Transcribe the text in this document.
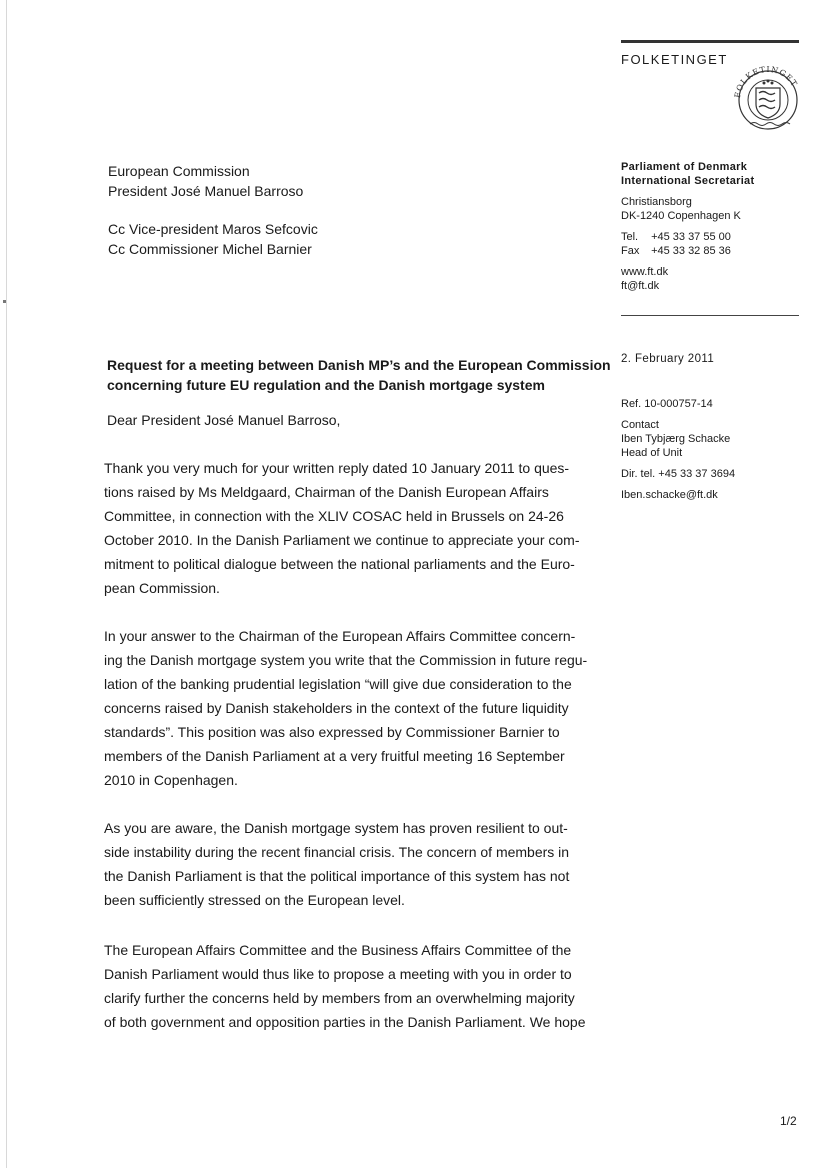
FOLKETINGET
FOLKETINGET
European Commission
President José Manuel Barroso
Cc Vice-president Maros Sefcovic
Cc Commissioner Michel Barnier
Parliament of Denmark
International Secretariat
Christiansborg
DK-1240 Copenhagen K
Tel. +45 33 37 55 00
Fax +45 33 32 85 36
www.ft.dk
ft@ft.dk
2. February 2011
Ref. 10-000757-14
Contact
Iben Tybjærg Schacke
Head of Unit
Dir. tel. +45 33 37 3694
Iben.schacke@ft.dk
Request for a meeting between Danish MP’s and the European Commission
concerning future EU regulation and the Danish mortgage system
Dear President José Manuel Barroso,
Thank you very much for your written reply dated 10 January 2011 to ques-
tions raised by Ms Meldgaard, Chairman of the Danish European Affairs
Committee, in connection with the XLIV COSAC held in Brussels on 24-26
October 2010. In the Danish Parliament we continue to appreciate your com-
mitment to political dialogue between the national parliaments and the Euro-
pean Commission.
In your answer to the Chairman of the European Affairs Committee concern-
ing the Danish mortgage system you write that the Commission in future regu-
lation of the banking prudential legislation “will give due consideration to the
concerns raised by Danish stakeholders in the context of the future liquidity
standards”. This position was also expressed by Commissioner Barnier to
members of the Danish Parliament at a very fruitful meeting 16 September
2010 in Copenhagen.
As you are aware, the Danish mortgage system has proven resilient to out-
side instability during the recent financial crisis. The concern of members in
the Danish Parliament is that the political importance of this system has not
been sufficiently stressed on the European level.
The European Affairs Committee and the Business Affairs Committee of the
Danish Parliament would thus like to propose a meeting with you in order to
clarify further the concerns held by members from an overwhelming majority
of both government and opposition parties in the Danish Parliament. We hope
1/2
